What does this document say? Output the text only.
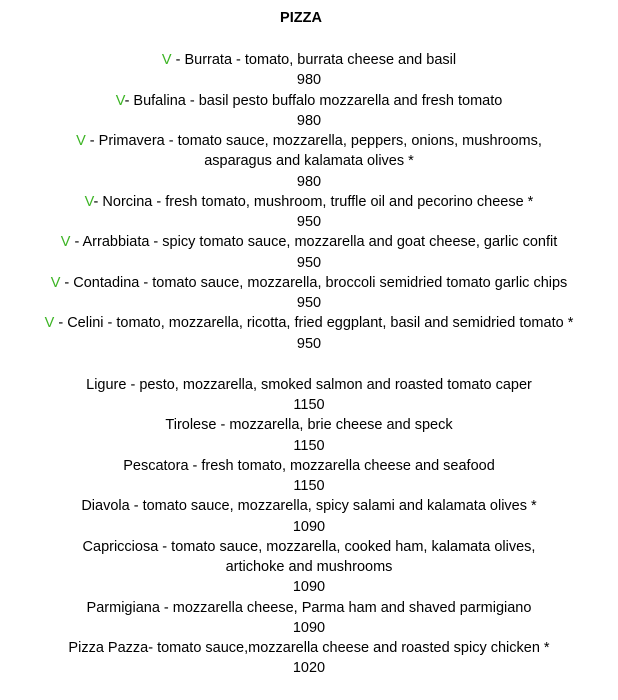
PIZZA
V - Burrata - tomato, burrata cheese and basil
980
V- Bufalina - basil pesto buffalo mozzarella and fresh tomato
980
V - Primavera - tomato sauce, mozzarella, peppers, onions, mushrooms,
asparagus and kalamata olives *
980
V- Norcina - fresh tomato, mushroom, truffle oil and pecorino cheese *
950
V - Arrabbiata - spicy tomato sauce, mozzarella and goat cheese, garlic confit
950
V - Contadina - tomato sauce, mozzarella, broccoli semidried tomato garlic chips
950
V - Celini - tomato, mozzarella, ricotta, fried eggplant, basil and semidried tomato *
950
Ligure - pesto, mozzarella, smoked salmon and roasted tomato caper
1150
Tirolese - mozzarella, brie cheese and speck
1150
Pescatora - fresh tomato, mozzarella cheese and seafood
1150
Diavola - tomato sauce, mozzarella, spicy salami and kalamata olives *
1090
Capricciosa - tomato sauce, mozzarella, cooked ham, kalamata olives,
artichoke and mushrooms
1090
Parmigiana - mozzarella cheese, Parma ham and shaved parmigiano
1090
Pizza Pazza- tomato sauce,mozzarella cheese and roasted spicy chicken *
1020
